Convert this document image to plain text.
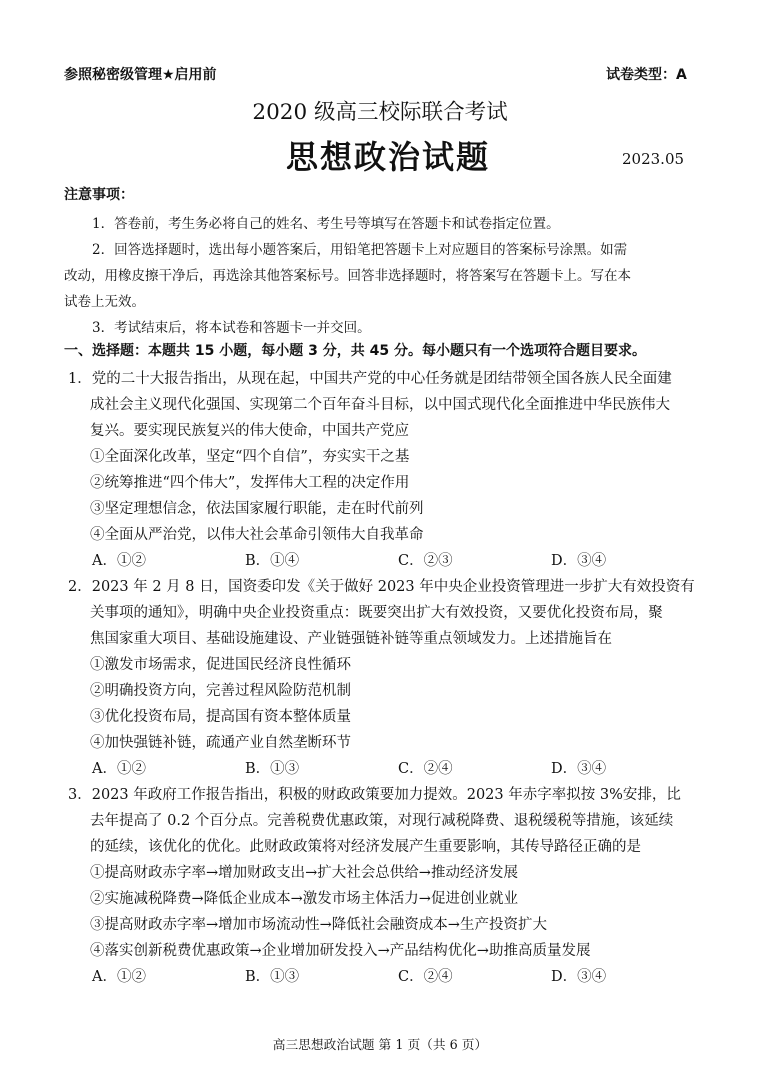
参照秘密级管理★启用前	试卷类型：A
2020 级高三校际联合考试
思想政治试题	2023.05
注意事项：
1．答卷前，考生务必将自己的姓名、考生号等填写在答题卡和试卷指定位置。
2．回答选择题时，选出每小题答案后，用铅笔把答题卡上对应题目的答案标号涂黑。如需
改动，用橡皮擦干净后，再选涂其他答案标号。回答非选择题时，将答案写在答题卡上。写在本
试卷上无效。
3．考试结束后，将本试卷和答题卡一并交回。
一、选择题：本题共 15 小题，每小题 3 分，共 45 分。每小题只有一个选项符合题目要求。
1．党的二十大报告指出，从现在起，中国共产党的中心任务就是团结带领全国各族人民全面建
成社会主义现代化强国、实现第二个百年奋斗目标，以中国式现代化全面推进中华民族伟大
复兴。要实现民族复兴的伟大使命，中国共产党应
①全面深化改革，坚定“四个自信”，夯实实干之基
②统筹推进“四个伟大”，发挥伟大工程的决定作用
③坚定理想信念，依法国家履行职能，走在时代前列
④全面从严治党，以伟大社会革命引领伟大自我革命
A．①②	B．①④	C．②③	D．③④
2．2023 年 2 月 8 日，国资委印发《关于做好 2023 年中央企业投资管理进一步扩大有效投资有
关事项的通知》，明确中央企业投资重点：既要突出扩大有效投资，又要优化投资布局，聚
焦国家重大项目、基础设施建设、产业链强链补链等重点领域发力。上述措施旨在
①激发市场需求，促进国民经济良性循环
②明确投资方向，完善过程风险防范机制
③优化投资布局，提高国有资本整体质量
④加快强链补链，疏通产业自然垄断环节
A．①②	B．①③	C．②④	D．③④
3．2023 年政府工作报告指出，积极的财政政策要加力提效。2023 年赤字率拟按 3%安排，比
去年提高了 0.2 个百分点。完善税费优惠政策，对现行减税降费、退税缓税等措施，该延续
的延续，该优化的优化。此财政政策将对经济发展产生重要影响，其传导路径正确的是
①提高财政赤字率→增加财政支出→扩大社会总供给→推动经济发展
②实施减税降费→降低企业成本→激发市场主体活力→促进创业就业
③提高财政赤字率→增加市场流动性→降低社会融资成本→生产投资扩大
④落实创新税费优惠政策→企业增加研发投入→产品结构优化→助推高质量发展
A．①②	B．①③	C．②④	D．③④
高三思想政治试题 第 1 页（共 6 页）
